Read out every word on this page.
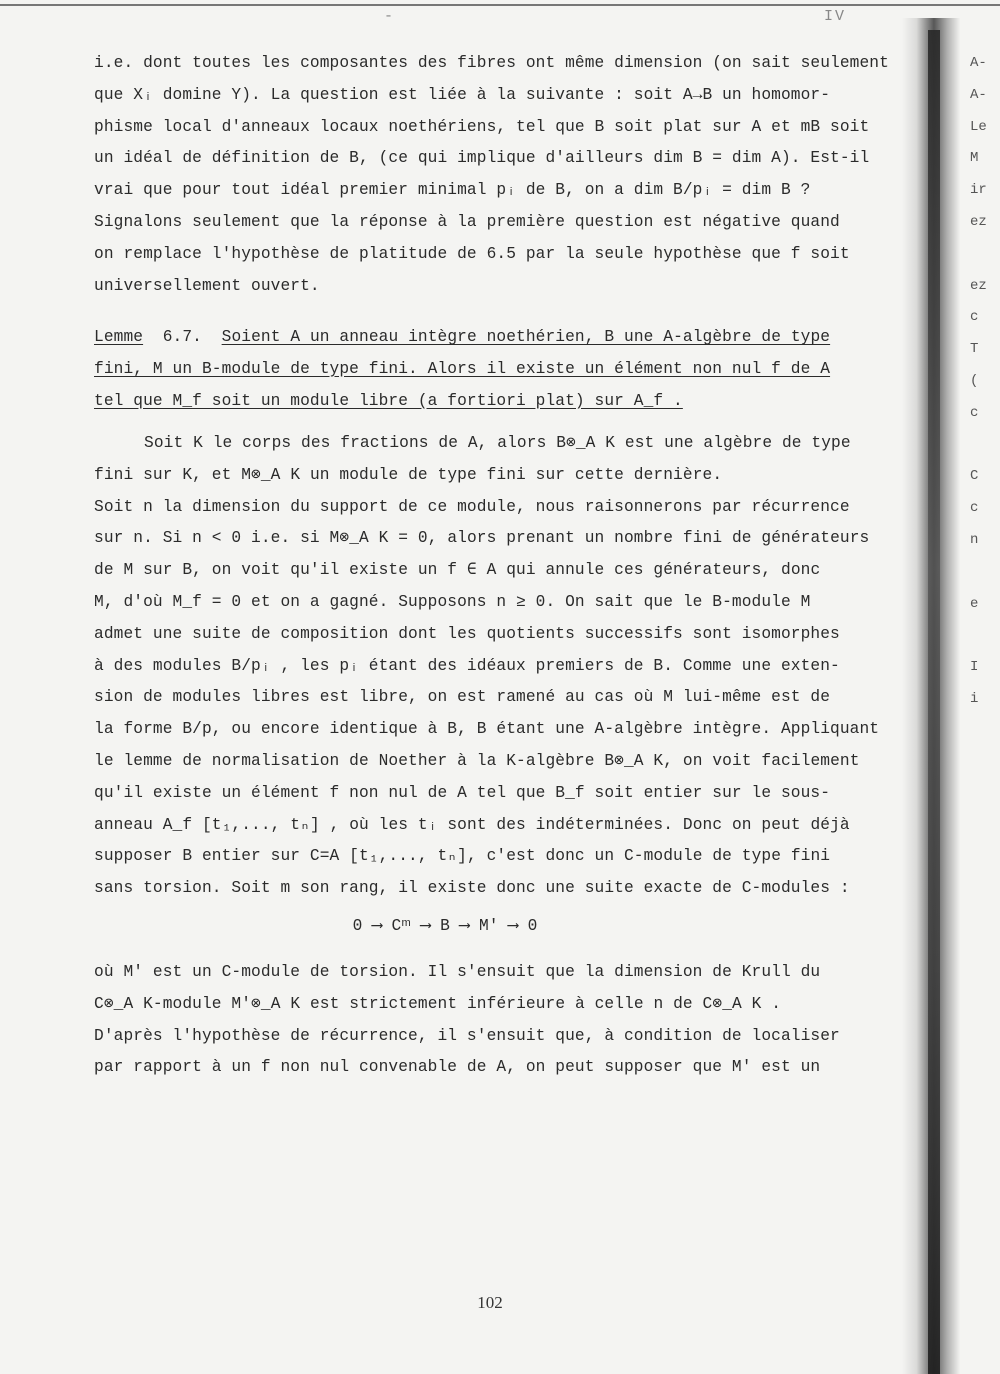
-	IV
i.e. dont toutes les composantes des fibres ont même dimension (on sait seulement
que Xᵢ domine Y). La question est liée à la suivante : soit A→B un homomor-
phisme local d'anneaux locaux noethériens, tel que B soit plat sur A et mB soit
un idéal de définition de B, (ce qui implique d'ailleurs dim B = dim A). Est-il
vrai que pour tout idéal premier minimal pᵢ de B, on a dim B/pᵢ = dim B ?
Signalons seulement que la réponse à la première question est négative quand
on remplace l'hypothèse de platitude de 6.5 par la seule hypothèse que f soit
universellement ouvert.
Lemme 6.7. Soient A un anneau intègre noethérien, B une A-algèbre de type
fini, M un B-module de type fini. Alors il existe un élément non nul f de A
tel que M_f soit un module libre (a fortiori plat) sur A_f .
Soit K le corps des fractions de A, alors B⊗_A K est une algèbre de type
fini sur K, et M⊗_A K un module de type fini sur cette dernière.
Soit n la dimension du support de ce module, nous raisonnerons par récurrence
sur n. Si n < 0 i.e. si M⊗_A K = 0, alors prenant un nombre fini de générateurs
de M sur B, on voit qu'il existe un f ∈ A qui annule ces générateurs, donc
M, d'où M_f = 0 et on a gagné. Supposons n ≥ 0. On sait que le B-module M
admet une suite de composition dont les quotients successifs sont isomorphes
à des modules B/pᵢ , les pᵢ étant des idéaux premiers de B. Comme une exten-
sion de modules libres est libre, on est ramené au cas où M lui-même est de
la forme B/p, ou encore identique à B, B étant une A-algèbre intègre. Appliquant
le lemme de normalisation de Noether à la K-algèbre B⊗_A K, on voit facilement
qu'il existe un élément f non nul de A tel que B_f soit entier sur le sous-
anneau A_f [t₁,..., tₙ] , où les tᵢ sont des indéterminées. Donc on peut déjà
supposer B entier sur C=A [t₁,..., tₙ], c'est donc un C-module de type fini
sans torsion. Soit m son rang, il existe donc une suite exacte de C-modules :
0 ⟶ Cᵐ ⟶ B ⟶ M' ⟶ 0
où M' est un C-module de torsion. Il s'ensuit que la dimension de Krull du
C⊗_A K-module M'⊗_A K est strictement inférieure à celle n de C⊗_A K .
D'après l'hypothèse de récurrence, il s'ensuit que, à condition de localiser
par rapport à un f non nul convenable de A, on peut supposer que M' est un
102
A-
A-
Le
M
ir
ez

ez
c
T
(
c

C
c
n

e

I
i
